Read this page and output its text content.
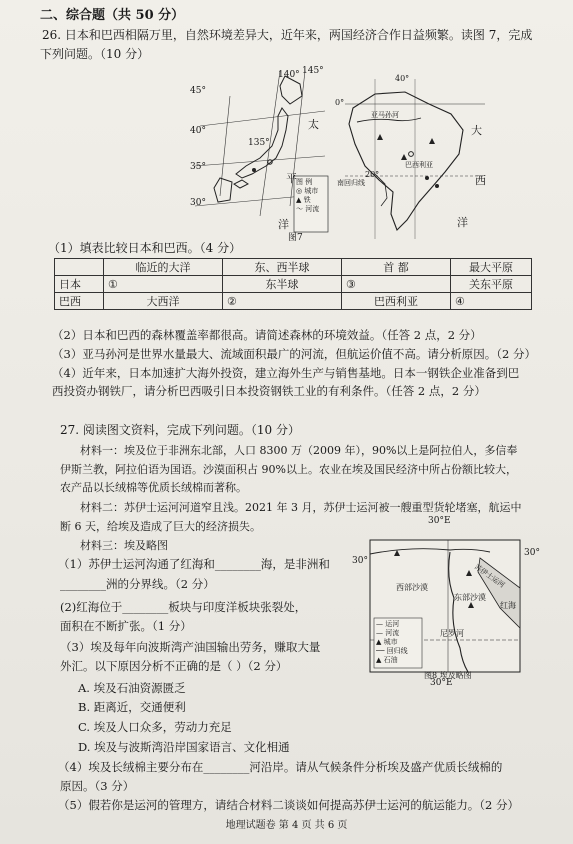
二、综合题（共 50 分）
26. 日本和巴西相隔万里，自然环境差异大，近年来，两国经济合作日益频繁。读图 7，完成
下列问题。（10 分）
140° 145°
135°
45°
40°
35°
30°
太
平
洋
图 例
◎ 城市
▲ 铁
～ 河流
图7
亚马孙河
巴西利亚
南回归线
0°
20°
40°
大
西
洋
（1）填表比较日本和巴西。（4 分）
	临近的大洋	东、西半球	首 都	最大平原
日本	①	东半球	③	关东平原
巴西	大西洋	②	巴西利亚	④
（2）日本和巴西的森林覆盖率都很高。请简述森林的环境效益。（任答 2 点，2 分）
（3）亚马孙河是世界水量最大、流域面积最广的河流，但航运价值不高。请分析原因。（2 分）
（4）近年来，日本加速扩大海外投资，建立海外生产与销售基地。日本一钢铁企业准备到巴
西投资办钢铁厂，请分析巴西吸引日本投资钢铁工业的有利条件。（任答 2 点，2 分）
27. 阅读图文资料，完成下列问题。（10 分）
材料一：埃及位于非洲东北部，人口 8300 万（2009 年），90%以上是阿拉伯人，多信奉
伊斯兰教，阿拉伯语为国语。沙漠面积占 90%以上。农业在埃及国民经济中所占份额比较大，
农产品以长绒棉等优质长绒棉而著称。
材料二：苏伊士运河河道窄且浅。2021 年 3 月，苏伊士运河被一艘重型货轮堵塞，航运中
断 6 天，给埃及造成了巨大的经济损失。
材料三：埃及略图
（1）苏伊士运河沟通了红海和________海，是非洲和
________洲的分界线。（2 分）
(2)红海位于________板块与印度洋板块张裂处，
面积在不断扩张。（1 分）
（3）埃及每年向波斯湾产油国输出劳务，赚取大量
外汇。以下原因分析不正确的是（ ）（2 分）
A. 埃及石油资源匮乏
B. 距离近，交通便利
C. 埃及人口众多，劳动力充足
D. 埃及与波斯湾沿岸国家语言、文化相通
（4）埃及长绒棉主要分布在________河沿岸。请从气候条件分析埃及盛产优质长绒棉的
原因。（3 分）
（5）假若你是运河的管理方，请结合材料二谈谈如何提高苏伊士运河的航运能力。（2 分）
30°E
30°E
30°
30°
西部沙漠
东部沙漠
尼罗河
苏伊士运河
红海
— 运河
— 河流
▲ 城市
── 回归线
▲ 石油
图8 埃及略图
地理试题卷 第 4 页 共 6 页
